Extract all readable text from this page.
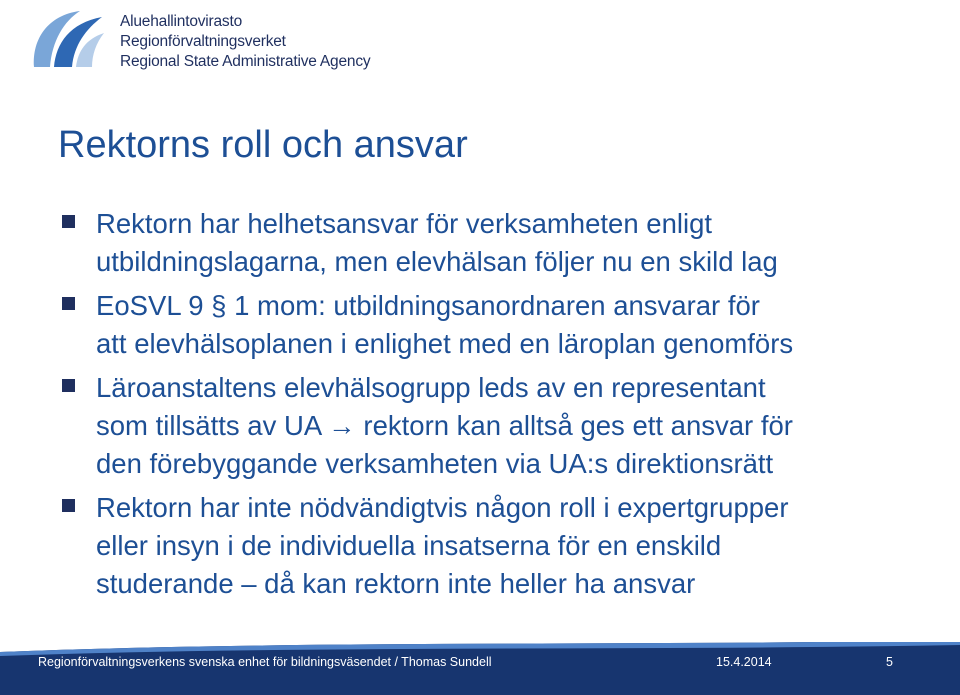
Aluehallintovirasto
Regionförvaltningsverket
Regional State Administrative Agency
Rektorns roll och ansvar
Rektorn har helhetsansvar för verksamheten enligt
utbildningslagarna, men elevhälsan följer nu en skild lag
EoSVL 9 § 1 mom: utbildningsanordnaren ansvarar för
att elevhälsoplanen i enlighet med en läroplan genomförs
Läroanstaltens elevhälsogrupp leds av en representant
som tillsätts av UA → rektorn kan alltså ges ett ansvar för
den förebyggande verksamheten via UA:s direktionsrätt
Rektorn har inte nödvändigtvis någon roll i expertgrupper
eller insyn i de individuella insatserna för en enskild
studerande – då kan rektorn inte heller ha ansvar
Regionförvaltningsverkens svenska enhet för bildningsväsendet / Thomas Sundell	15.4.2014	5
